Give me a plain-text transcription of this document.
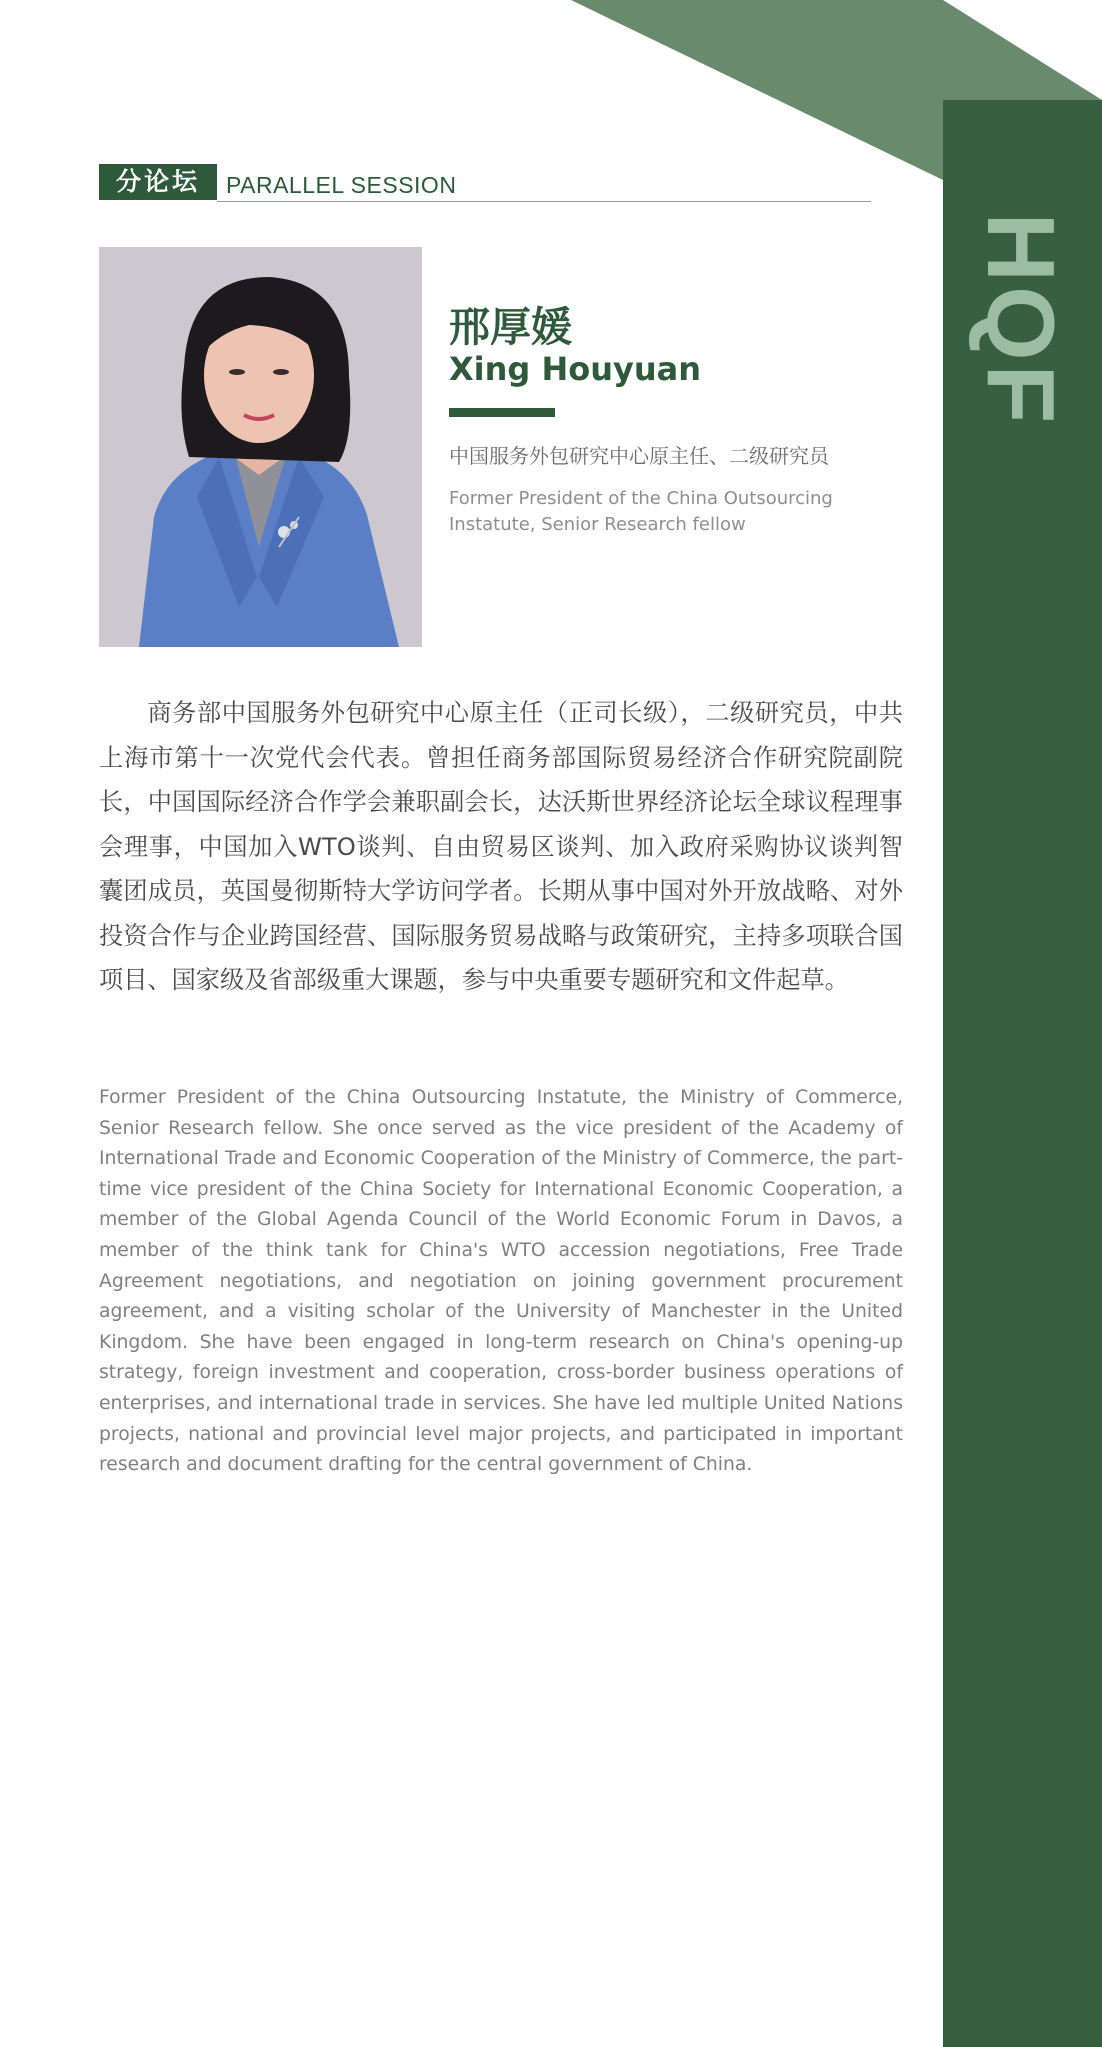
HQF
分论坛	PARALLEL SESSION
邢厚媛
Xing Houyuan
中国服务外包研究中心原主任、二级研究员
Former President of the China Outsourcing Instatute, Senior Research fellow

商务部中国服务外包研究中心原主任（正司长级），二级研究员，中共上海市第十一次党代会代表。曾担任商务部国际贸易经济合作研究院副院长，中国国际经济合作学会兼职副会长，达沃斯世界经济论坛全球议程理事会理事，中国加入WTO谈判、自由贸易区谈判、加入政府采购协议谈判智囊团成员，英国曼彻斯特大学访问学者。长期从事中国对外开放战略、对外投资合作与企业跨国经营、国际服务贸易战略与政策研究，主持多项联合国项目、国家级及省部级重大课题，参与中央重要专题研究和文件起草。

Former President of the China Outsourcing Instatute, the Ministry of Commerce, Senior Research fellow. She once served as the vice president of the Academy of International Trade and Economic Cooperation of the Ministry of Commerce, the part-time vice president of the China Society for International Economic Cooperation, a member of the Global Agenda Council of the World Economic Forum in Davos, a member of the think tank for China's WTO accession negotiations, Free Trade Agreement negotiations, and negotiation on joining government procurement agreement, and a visiting scholar of the University of Manchester in the United Kingdom. She have been engaged in long-term research on China's opening-up strategy, foreign investment and cooperation, cross-border business operations of enterprises, and international trade in services. She have led multiple United Nations projects, national and provincial level major projects, and participated in important research and document drafting for the central government of China.
